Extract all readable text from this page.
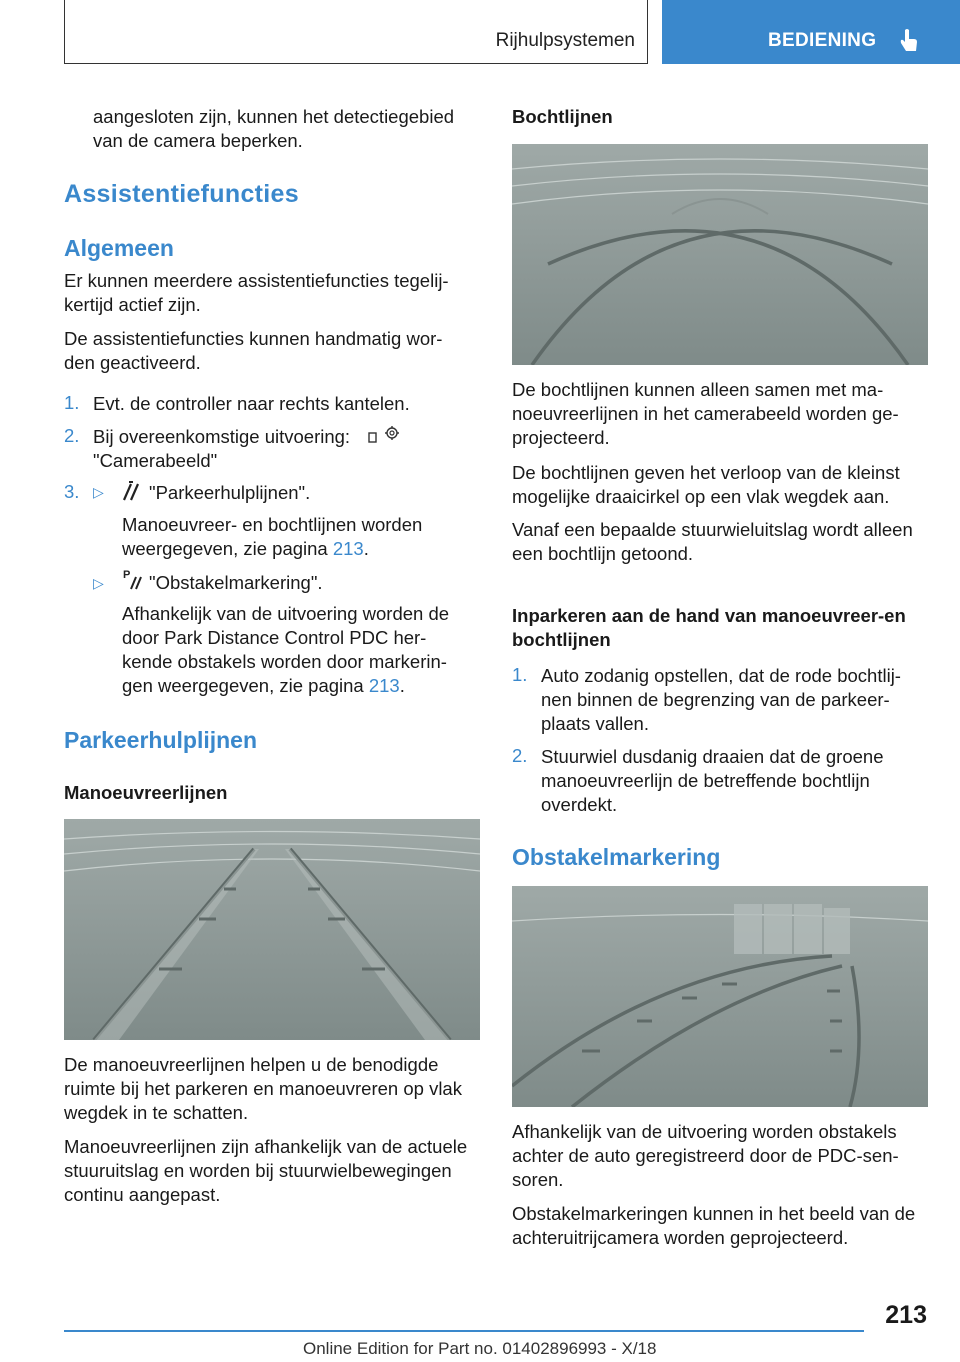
Rijhulpsystemen	BEDIENING

aangesloten zijn, kunnen het detectiegebied van de camera beperken.

Assistentiefuncties
Algemeen

Er kunnen meerdere assistentiefuncties tegelij-kertijd actief zijn.

De assistentiefuncties kunnen handmatig wor-den geactiveerd.

1. Evt. de controller naar rechts kantelen.

2. Bij overeenkomstige uitvoering:

"Camerabeeld"

3. ▷ "Parkeerhulplijnen".

Manoeuvreer- en bochtlijnen worden weergegeven, zie pagina 213.

▷ P "Obstakelmarkering".

Afhankelijk van de uitvoering worden de door Park Distance Control PDC her-kende obstakels worden door markerin-gen weergegeven, zie pagina 213.

Parkeerhulplijnen
Manoeuvreerlijnen

De manoeuvreerlijnen helpen u de benodigde ruimte bij het parkeren en manoeuvreren op vlak wegdek in te schatten.

Manoeuvreerlijnen zijn afhankelijk van de actuele stuuruitslag en worden bij stuurwielbewegingen continu aangepast.

Bochtlijnen

De bochtlijnen kunnen alleen samen met ma-noeuvreerlijnen in het camerabeeld worden ge-projecteerd.

De bochtlijnen geven het verloop van de kleinst mogelijke draaicirkel op een vlak wegdek aan.

Vanaf een bepaalde stuurwieluitslag wordt alleen een bochtlijn getoond.

Inparkeren aan de hand van manoeuvreer-en bochtlijnen
1. Auto zodanig opstellen, dat de rode bochtlij-nen binnen de begrenzing van de parkeer-plaats vallen.

2. Stuurwiel dusdanig draaien dat de groene manoeuvreerlijn de betreffende bochtlijn overdekt.

Obstakelmarkering

Afhankelijk van de uitvoering worden obstakels achter de auto geregistreerd door de PDC-sen-soren.

Obstakelmarkeringen kunnen in het beeld van de achteruitrijcamera worden geprojecteerd.

213
Online Edition for Part no. 01402896993 - X/18
